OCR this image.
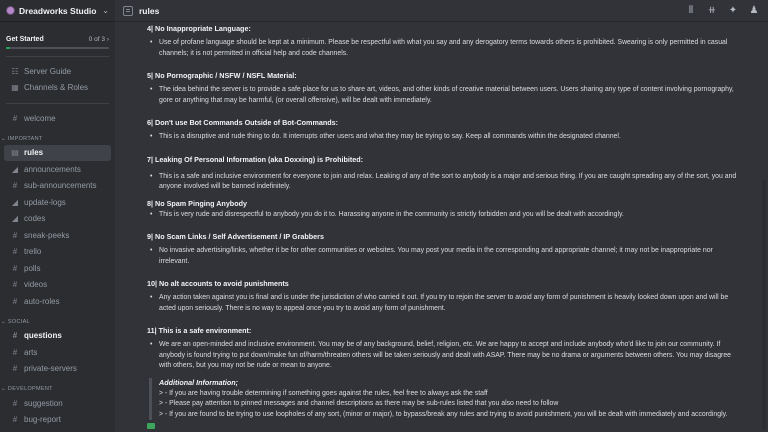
Dreadworks Studio ⌄
Get Started	0 of 3 ›
☷ Server Guide
▦ Channels & Roles
# welcome
⌄ IMPORTANT
▤ rules
◢ announcements
# sub-announcements
◢ update-logs
◢ codes
# sneak-peeks
# trello
# polls
# videos
# auto-roles
⌄ SOCIAL
# questions
# arts
# private-servers
⌄ DEVELOPMENT
# suggestion
# bug-report
rules	⫴	⧺ ✦ ♟
4| No Inappropriate Language:
• Use of profane language should be kept at a minimum. Please be respectful with what you say and any derogatory terms towards others is prohibited. Swearing is only permitted in casual channels; it is not permitted in official help and code channels.
5| No Pornographic / NSFW / NSFL Material:
• The idea behind the server is to provide a safe place for us to share art, videos, and other kinds of creative material between users. Users sharing any type of content involving pornography, gore or anything that may be harmful, (or overall offensive), will be dealt with immediately.
6| Don't use Bot Commands Outside of Bot-Commands:
• This is a disruptive and rude thing to do. It interrupts other users and what they may be trying to say. Keep all commands within the designated channel.
7| Leaking Of Personal Information (aka Doxxing) is Prohibited:
• This is a safe and inclusive environment for everyone to join and relax. Leaking of any of the sort to anybody is a major and serious thing. If you are caught spreading any of the sort, you and anyone involved will be banned indefinitely.
8| No Spam Pinging Anybody
• This is very rude and disrespectful to anybody you do it to. Harassing anyone in the community is strictly forbidden and you will be dealt with accordingly.
9| No Scam Links / Self Advertisement / IP Grabbers
• No invasive advertising/links, whether it be for other communities or websites. You may post your media in the corresponding and appropriate channel; it may not be inappropriate nor irrelevant.
10| No alt accounts to avoid punishments
• Any action taken against you is final and is under the jurisdiction of who carried it out. If you try to rejoin the server to avoid any form of punishment is heavily looked down upon and will be acted upon seriously. There is no way to appeal once you try to avoid any form of punishment.
11| This is a safe environment:
• We are an open-minded and inclusive environment. You may be of any background, belief, religion, etc. We are happy to accept and include anybody who'd like to join our community. If anybody is found trying to put down/make fun of/harm/threaten others will be taken seriously and dealt with ASAP. There may be no drama or arguments between others. You may disagree with others, but you may not be rude or mean to anyone.
Additional Information;
> - If you are having trouble determining if something goes against the rules, feel free to always ask the staff
> - Please pay attention to pinned messages and channel descriptions as there may be sub-rules listed that you also need to follow
> - If you are found to be trying to use loopholes of any sort, (minor or major), to bypass/break any rules and trying to avoid punishment, you will be dealt with immediately and accordingly.
